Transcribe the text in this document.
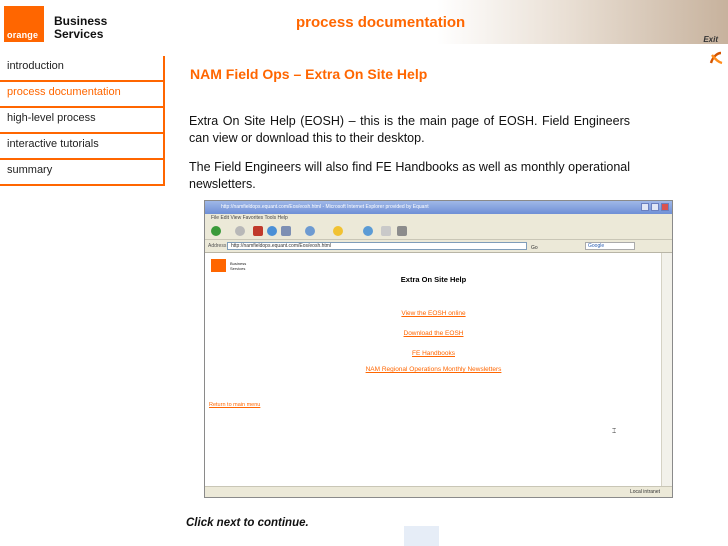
orange
Business
Services
process documentation
Exit
introduction
process documentation
high-level process
interactive tutorials
summary
NAM Field Ops – Extra On Site Help
Extra On Site Help (EOSH) – this is the main page of EOSH. Field Engineers can view or download this to their desktop.
The Field Engineers will also find FE Handbooks as well as monthly operational newsletters.
http://namfieldops.equant.com/Eos/eosh.html - Microsoft Internet Explorer provided by Equant
File Edit View Favorites Tools Help
Address http://namfieldops.equant.com/Eos/eosh.html	Go	Google
Business
Services
Extra On Site Help
View the EOSH online
Download the EOSH
FE Handbooks
NAM Regional Operations Monthly Newsletters
Return to main menu
⌶
Local intranet
Click next to continue.
